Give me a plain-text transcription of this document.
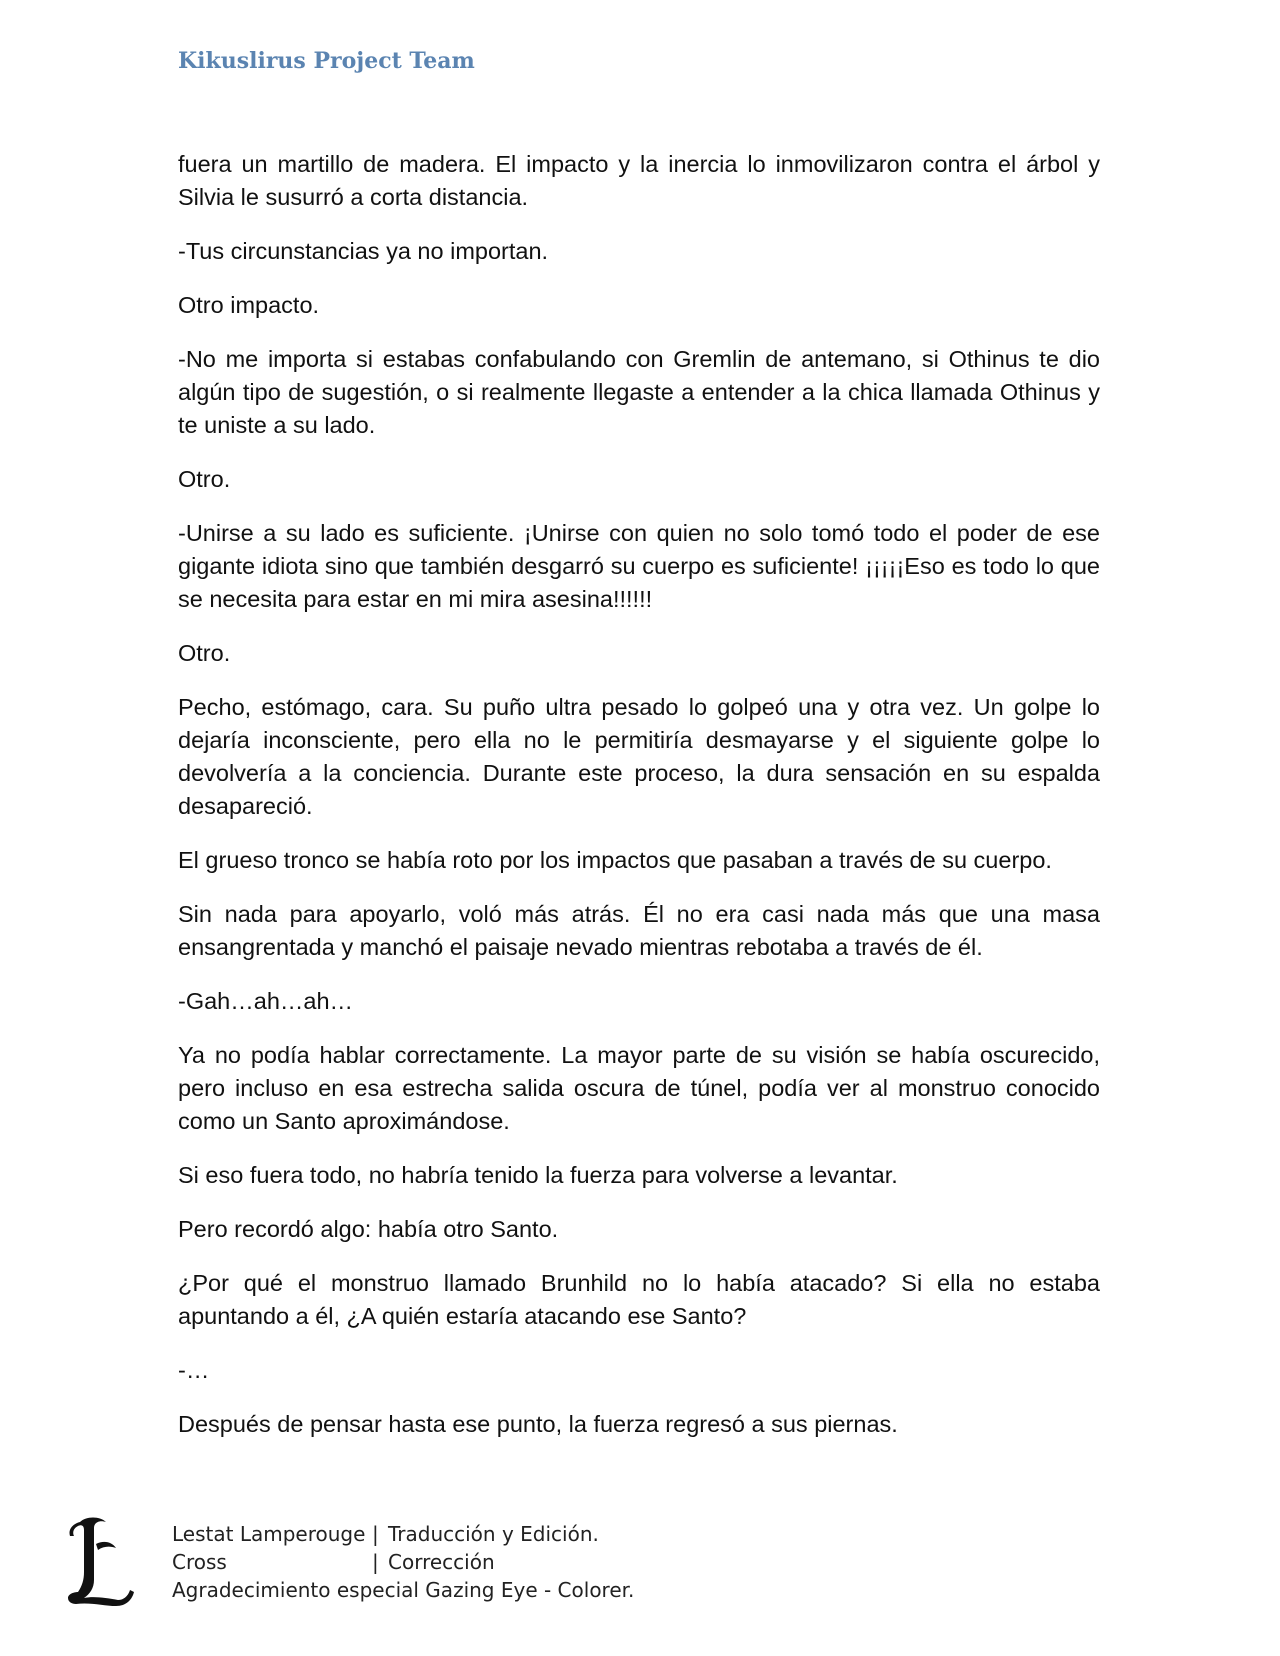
Kikuslirus Project Team

fuera un martillo de madera. El impacto y la inercia lo inmovilizaron contra el árbol y Silvia le susurró a corta distancia.

-Tus circunstancias ya no importan.

Otro impacto.

-No me importa si estabas confabulando con Gremlin de antemano, si Othinus te dio algún tipo de sugestión, o si realmente llegaste a entender a la chica llamada Othinus y te uniste a su lado.

Otro.

-Unirse a su lado es suficiente. ¡Unirse con quien no solo tomó todo el poder de ese gigante idiota sino que también desgarró su cuerpo es suficiente! ¡¡¡¡¡Eso es todo lo que se necesita para estar en mi mira asesina!!!!!!

Otro.

Pecho, estómago, cara. Su puño ultra pesado lo golpeó una y otra vez. Un golpe lo dejaría inconsciente, pero ella no le permitiría desmayarse y el siguiente golpe lo devolvería a la conciencia. Durante este proceso, la dura sensación en su espalda desapareció.

El grueso tronco se había roto por los impactos que pasaban a través de su cuerpo.

Sin nada para apoyarlo, voló más atrás. Él no era casi nada más que una masa ensangrentada y manchó el paisaje nevado mientras rebotaba a través de él.

-Gah…ah…ah…

Ya no podía hablar correctamente. La mayor parte de su visión se había oscurecido, pero incluso en esa estrecha salida oscura de túnel, podía ver al monstruo conocido como un Santo aproximándose.

Si eso fuera todo, no habría tenido la fuerza para volverse a levantar.

Pero recordó algo: había otro Santo.

¿Por qué el monstruo llamado Brunhild no lo había atacado? Si ella no estaba apuntando a él, ¿A quién estaría atacando ese Santo?

-…

Después de pensar hasta ese punto, la fuerza regresó a sus piernas.

Lestat Lamperouge | Traducción y Edición.
Cross	| Corrección
Agradecimiento especial Gazing Eye - Colorer.
